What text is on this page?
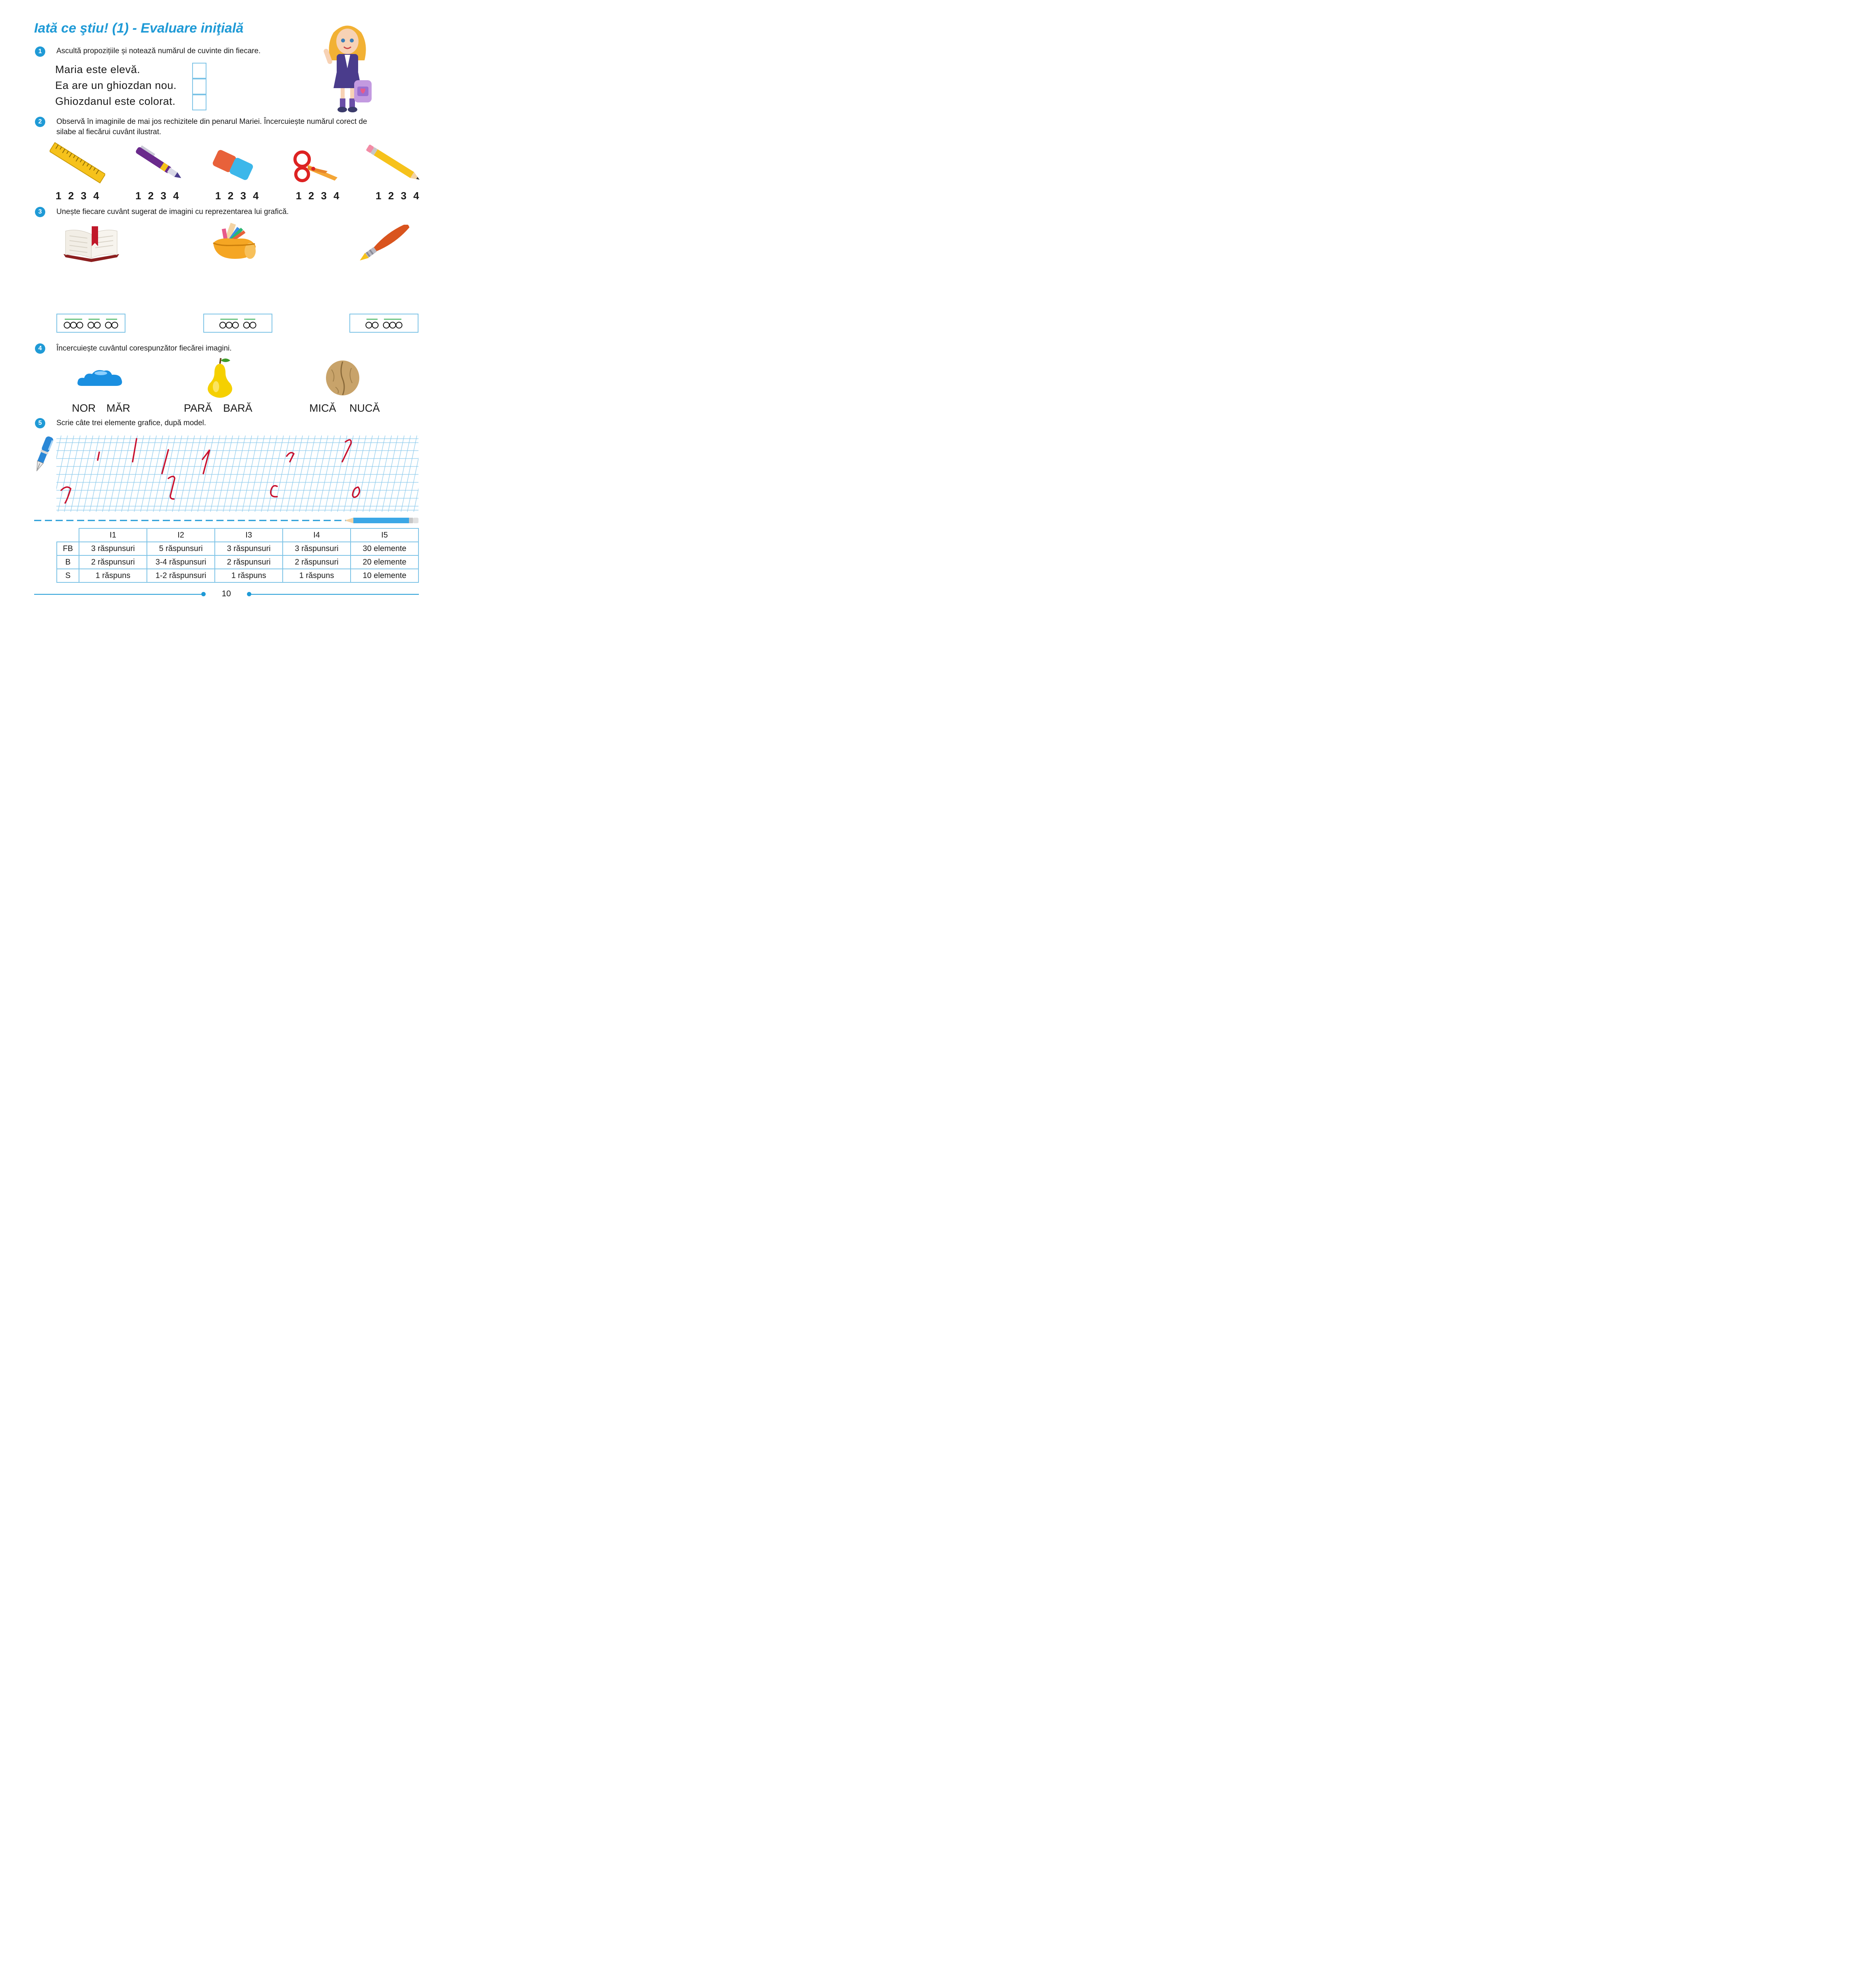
Iată ce ştiu! (1) - Evaluare iniţială
1	Ascultă propozițiile și notează numărul de cuvinte din fiecare.
Maria este elevă.
Ea are un ghiozdan nou.
Ghiozdanul este colorat.
2	Observă în imaginile de mai jos rechizitele din penarul Mariei. Încercuiește numărul corect de
silabe al fiecărui cuvânt ilustrat.
1 2 3 4	1 2 3 4	1 2 3 4	1 2 3 4	1 2 3 4
3	Unește fiecare cuvânt sugerat de imagini cu reprezentarea lui grafică.
4	Încercuiește cuvântul corespunzător fiecărei imagini.
NOR MĂR	PARĂ BARĂ	MICĂ NUCĂ
5	Scrie câte trei elemente grafice, după model.
	I1	I2	I3	I4	I5
FB	3 răspunsuri	5 răspunsuri	3 răspunsuri	3 răspunsuri	30 elemente
B	2 răspunsuri	3-4 răspunsuri	2 răspunsuri	2 răspunsuri	20 elemente
S	1 răspuns	1-2 răspunsuri	1 răspuns	1 răspuns	10 elemente
10
